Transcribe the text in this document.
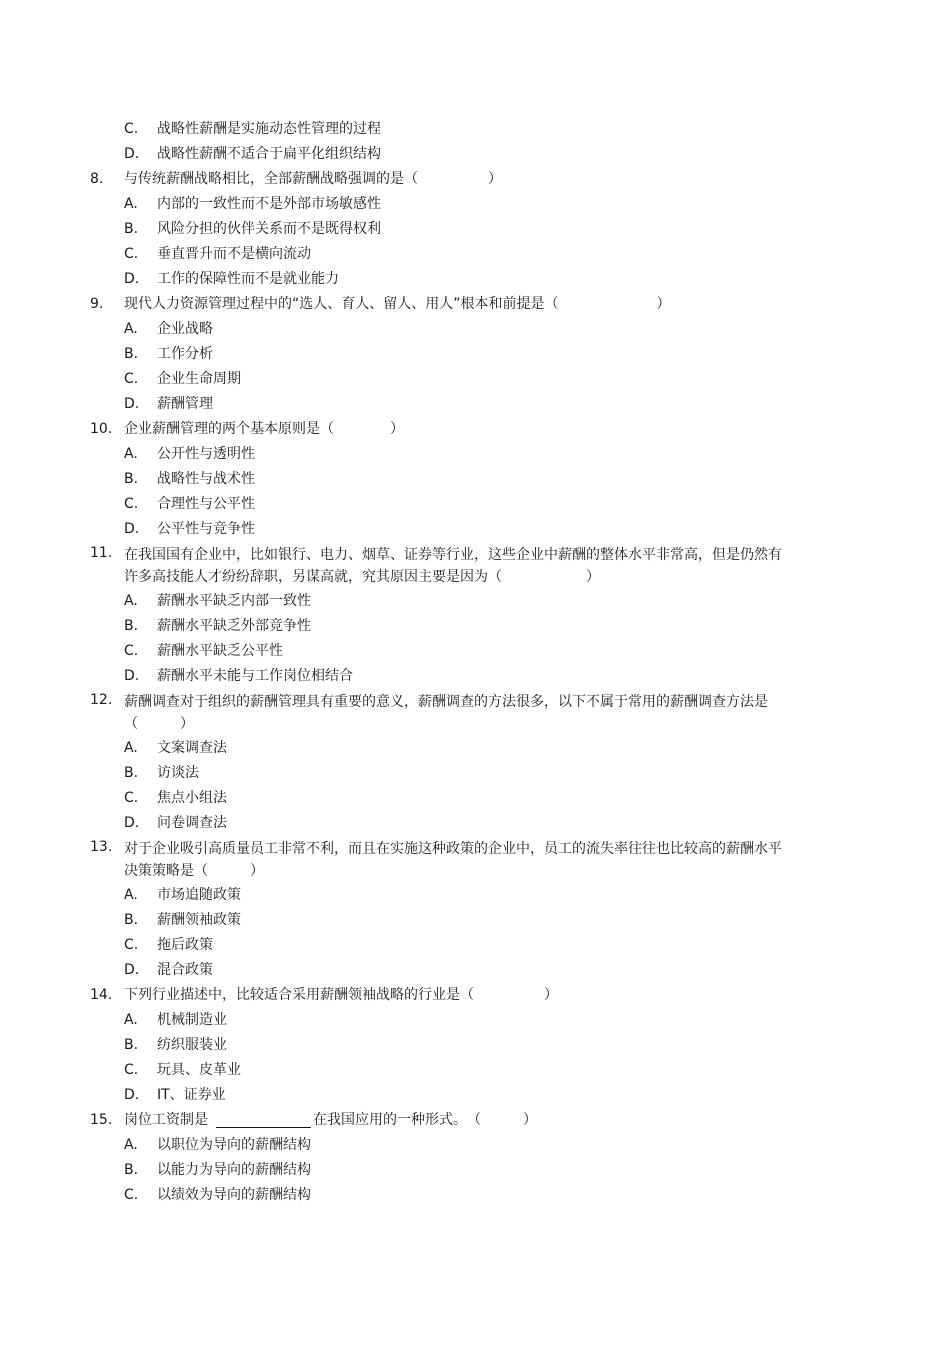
C. 战略性薪酬是实施动态性管理的过程
D. 战略性薪酬不适合于扁平化组织结构
8. 与传统薪酬战略相比，全部薪酬战略强调的是（　　　　　）
A. 内部的一致性而不是外部市场敏感性
B. 风险分担的伙伴关系而不是既得权利
C. 垂直晋升而不是横向流动
D. 工作的保障性而不是就业能力
9. 现代人力资源管理过程中的“选人、育人、留人、用人”根本和前提是（　　　　　　　）
A. 企业战略
B. 工作分析
C. 企业生命周期
D. 薪酬管理
10. 企业薪酬管理的两个基本原则是（　　　　）
A. 公开性与透明性
B. 战略性与战术性
C. 合理性与公平性
D. 公平性与竞争性
11. 在我国国有企业中，比如银行、电力、烟草、证券等行业，这些企业中薪酬的整体水平非常高，但是仍然有许多高技能人才纷纷辞职，另谋高就，究其原因主要是因为（　　　　　　）
A. 薪酬水平缺乏内部一致性
B. 薪酬水平缺乏外部竞争性
C. 薪酬水平缺乏公平性
D. 薪酬水平未能与工作岗位相结合
12. 薪酬调查对于组织的薪酬管理具有重要的意义，薪酬调查的方法很多，以下不属于常用的薪酬调查方法是（　　　）
A. 文案调查法
B. 访谈法
C. 焦点小组法
D. 问卷调查法
13. 对于企业吸引高质量员工非常不利，而且在实施这种政策的企业中，员工的流失率往往也比较高的薪酬水平决策策略是（　　　）
A. 市场追随政策
B. 薪酬领袖政策
C. 拖后政策
D. 混合政策
14. 下列行业描述中，比较适合采用薪酬领袖战略的行业是（　　　　　）
A. 机械制造业
B. 纺织服装业
C. 玩具、皮革业
D. IT、证券业
15. 岗位工资制是	在我国应用的一种形式。　（　　　）
A. 以职位为导向的薪酬结构
B. 以能力为导向的薪酬结构
C. 以绩效为导向的薪酬结构
